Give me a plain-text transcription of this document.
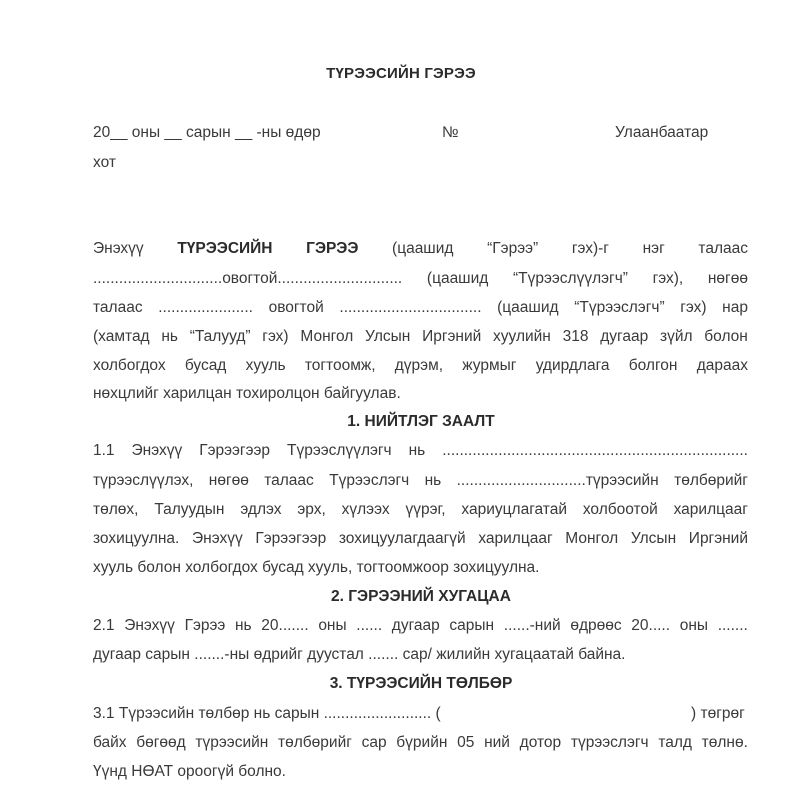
ТҮРЭЭСИЙН ГЭРЭЭ
20__ оны __ сарын __ -ны өдөр	№	Улаанбаатар
хот
Энэхүү ТҮРЭЭСИЙН ГЭРЭЭ (цаашид “Гэрээ” гэх)-г нэг талаас
..............................овогтой............................. (цаашид “Түрээслүүлэгч” гэх), нөгөө
талаас ...................... овогтой ................................. (цаашид “Түрээслэгч” гэх) нар
(хамтад нь “Талууд” гэх) Монгол Улсын Иргэний хуулийн 318 дугаар зүйл болон
холбогдох бусад хууль тогтоомж, дүрэм, журмыг удирдлага болгон дараах
нөхцлийг харилцан тохиролцон байгуулав.
1. НИЙТЛЭГ ЗААЛТ
1.1 Энэхүү Гэрээгээр Түрээслүүлэгч нь .......................................................................
түрээслүүлэх, нөгөө талаас Түрээслэгч нь ..............................түрээсийн төлбөрийг
төлөх, Талуудын эдлэх эрх, хүлээх үүрэг, хариуцлагатай холбоотой харилцааг
зохицуулна. Энэхүү Гэрээгээр зохицуулагдаагүй харилцааг Монгол Улсын Иргэний
хууль болон холбогдох бусад хууль, тогтоомжоор зохицуулна.
2. ГЭРЭЭНИЙ ХУГАЦАА
2.1 Энэхүү Гэрээ нь 20....... оны ...... дугаар сарын ......-ний өдрөөс 20..... оны .......
дугаар сарын .......-ны өдрийг дуустал ....... сар/ жилийн хугацаатай байна.
3. ТҮРЭЭСИЙН ТӨЛБӨР
3.1 Түрээсийн төлбөр нь сарын ......................... (	) төгрөг
байх бөгөөд түрээсийн төлбөрийг сар бүрийн 05 ний дотор түрээслэгч талд төлнө.
Үүнд НӨАТ ороогүй болно.
